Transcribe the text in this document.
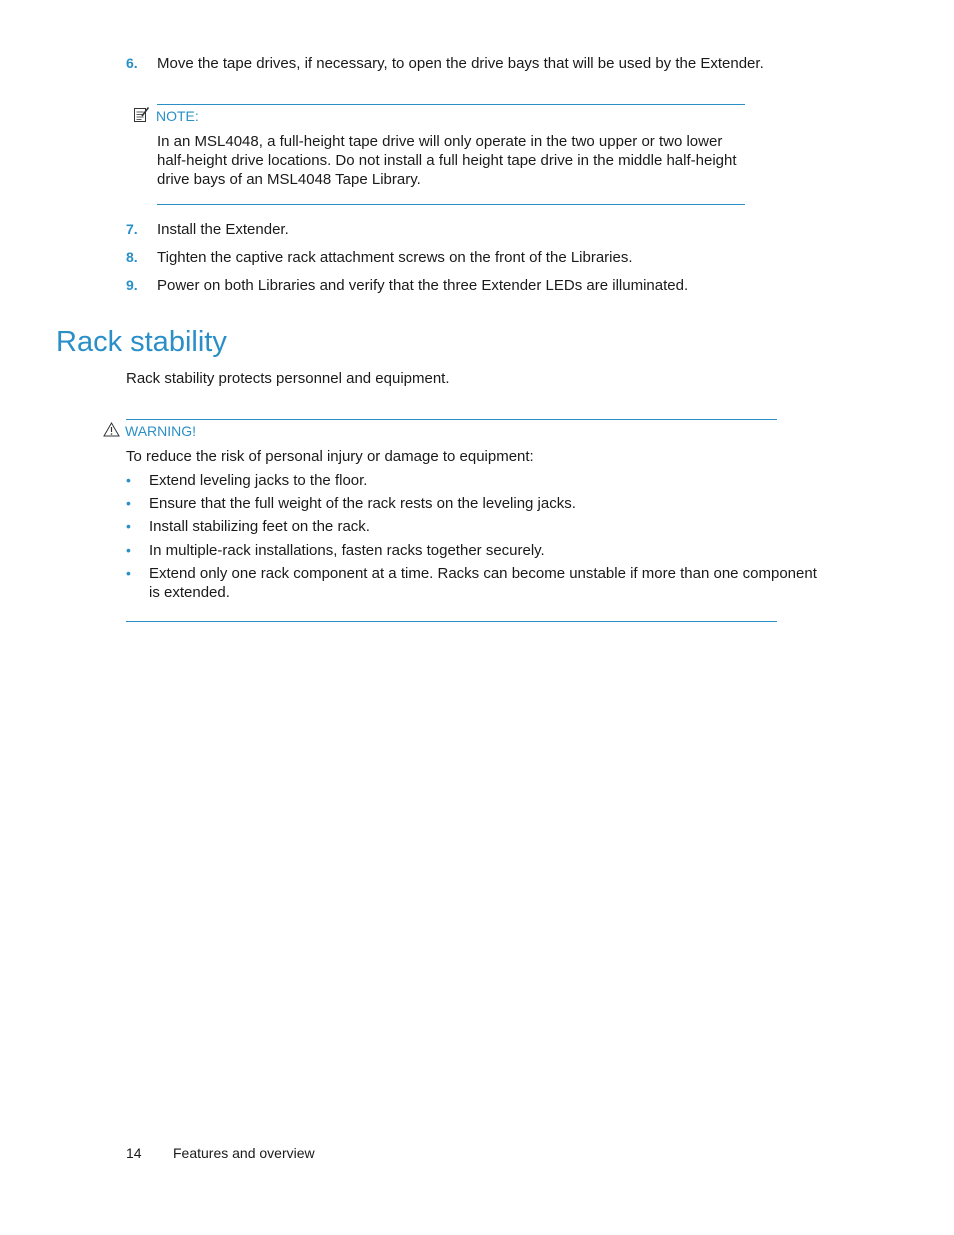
6. Move the tape drives, if necessary, to open the drive bays that will be used by the Extender.
NOTE:
In an MSL4048, a full-height tape drive will only operate in the two upper or two lower
half-height drive locations. Do not install a full height tape drive in the middle half-height
drive bays of an MSL4048 Tape Library.
7. Install the Extender.
8. Tighten the captive rack attachment screws on the front of the Libraries.
9. Power on both Libraries and verify that the three Extender LEDs are illuminated.
Rack stability
Rack stability protects personnel and equipment.
WARNING!
To reduce the risk of personal injury or damage to equipment:
• Extend leveling jacks to the floor.
• Ensure that the full weight of the rack rests on the leveling jacks.
• Install stabilizing feet on the rack.
• In multiple-rack installations, fasten racks together securely.
• Extend only one rack component at a time. Racks can become unstable if more than one component
is extended.
14 Features and overview
